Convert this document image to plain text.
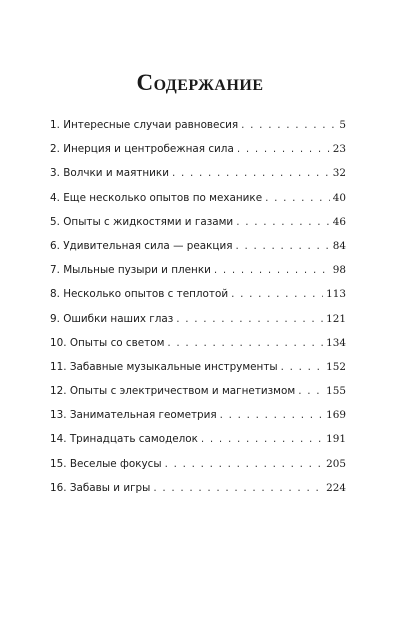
Содержание
1. Интересные случаи равновесия . . .	5
2. Инерция и центробежная сила . . .	23
3. Волчки и маятники . . .	32
4. Еще несколько опытов по механике . . .	40
5. Опыты с жидкостями и газами . . .	46
6. Удивительная сила — реакция . . .	84
7. Мыльные пузыри и пленки . . .	98
8. Несколько опытов с теплотой . . .	113
9. Ошибки наших глаз . . .	121
10. Опыты со светом . . .	134
11. Забавные музыкальные инструменты . . .	152
12. Опыты с электричеством и магнетизмом . . .	155
13. Занимательная геометрия . . .	169
14. Тринадцать самоделок . . .	191
15. Веселые фокусы . . .	205
16. Забавы и игры . . .	224
